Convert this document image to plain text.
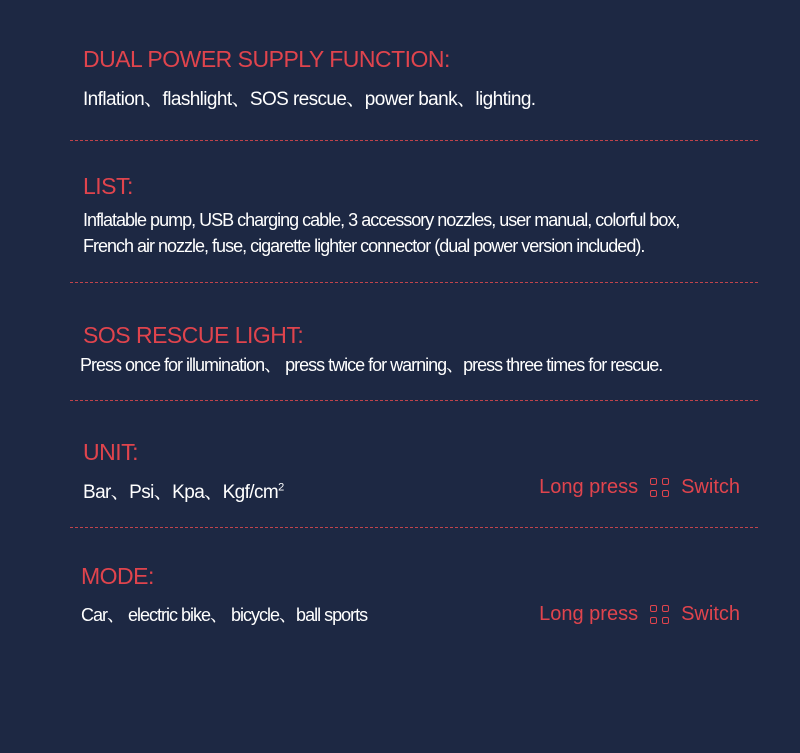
DUAL POWER SUPPLY FUNCTION:
Inflation、flashlight、SOS rescue、power bank、lighting.
LIST:
Inflatable pump, USB charging cable, 3 accessory nozzles, user manual, colorful box,
French air nozzle, fuse, cigarette lighter connector (dual power version included).
SOS RESCUE LIGHT:
Press once for illumination、 press twice for warning、press three times for rescue.
UNIT:
Bar、Psi、Kpa、Kgf/$cm^2$	Long press Switch
MODE:
Car、 electric bike、 bicycle、ball sports	Long press Switch
